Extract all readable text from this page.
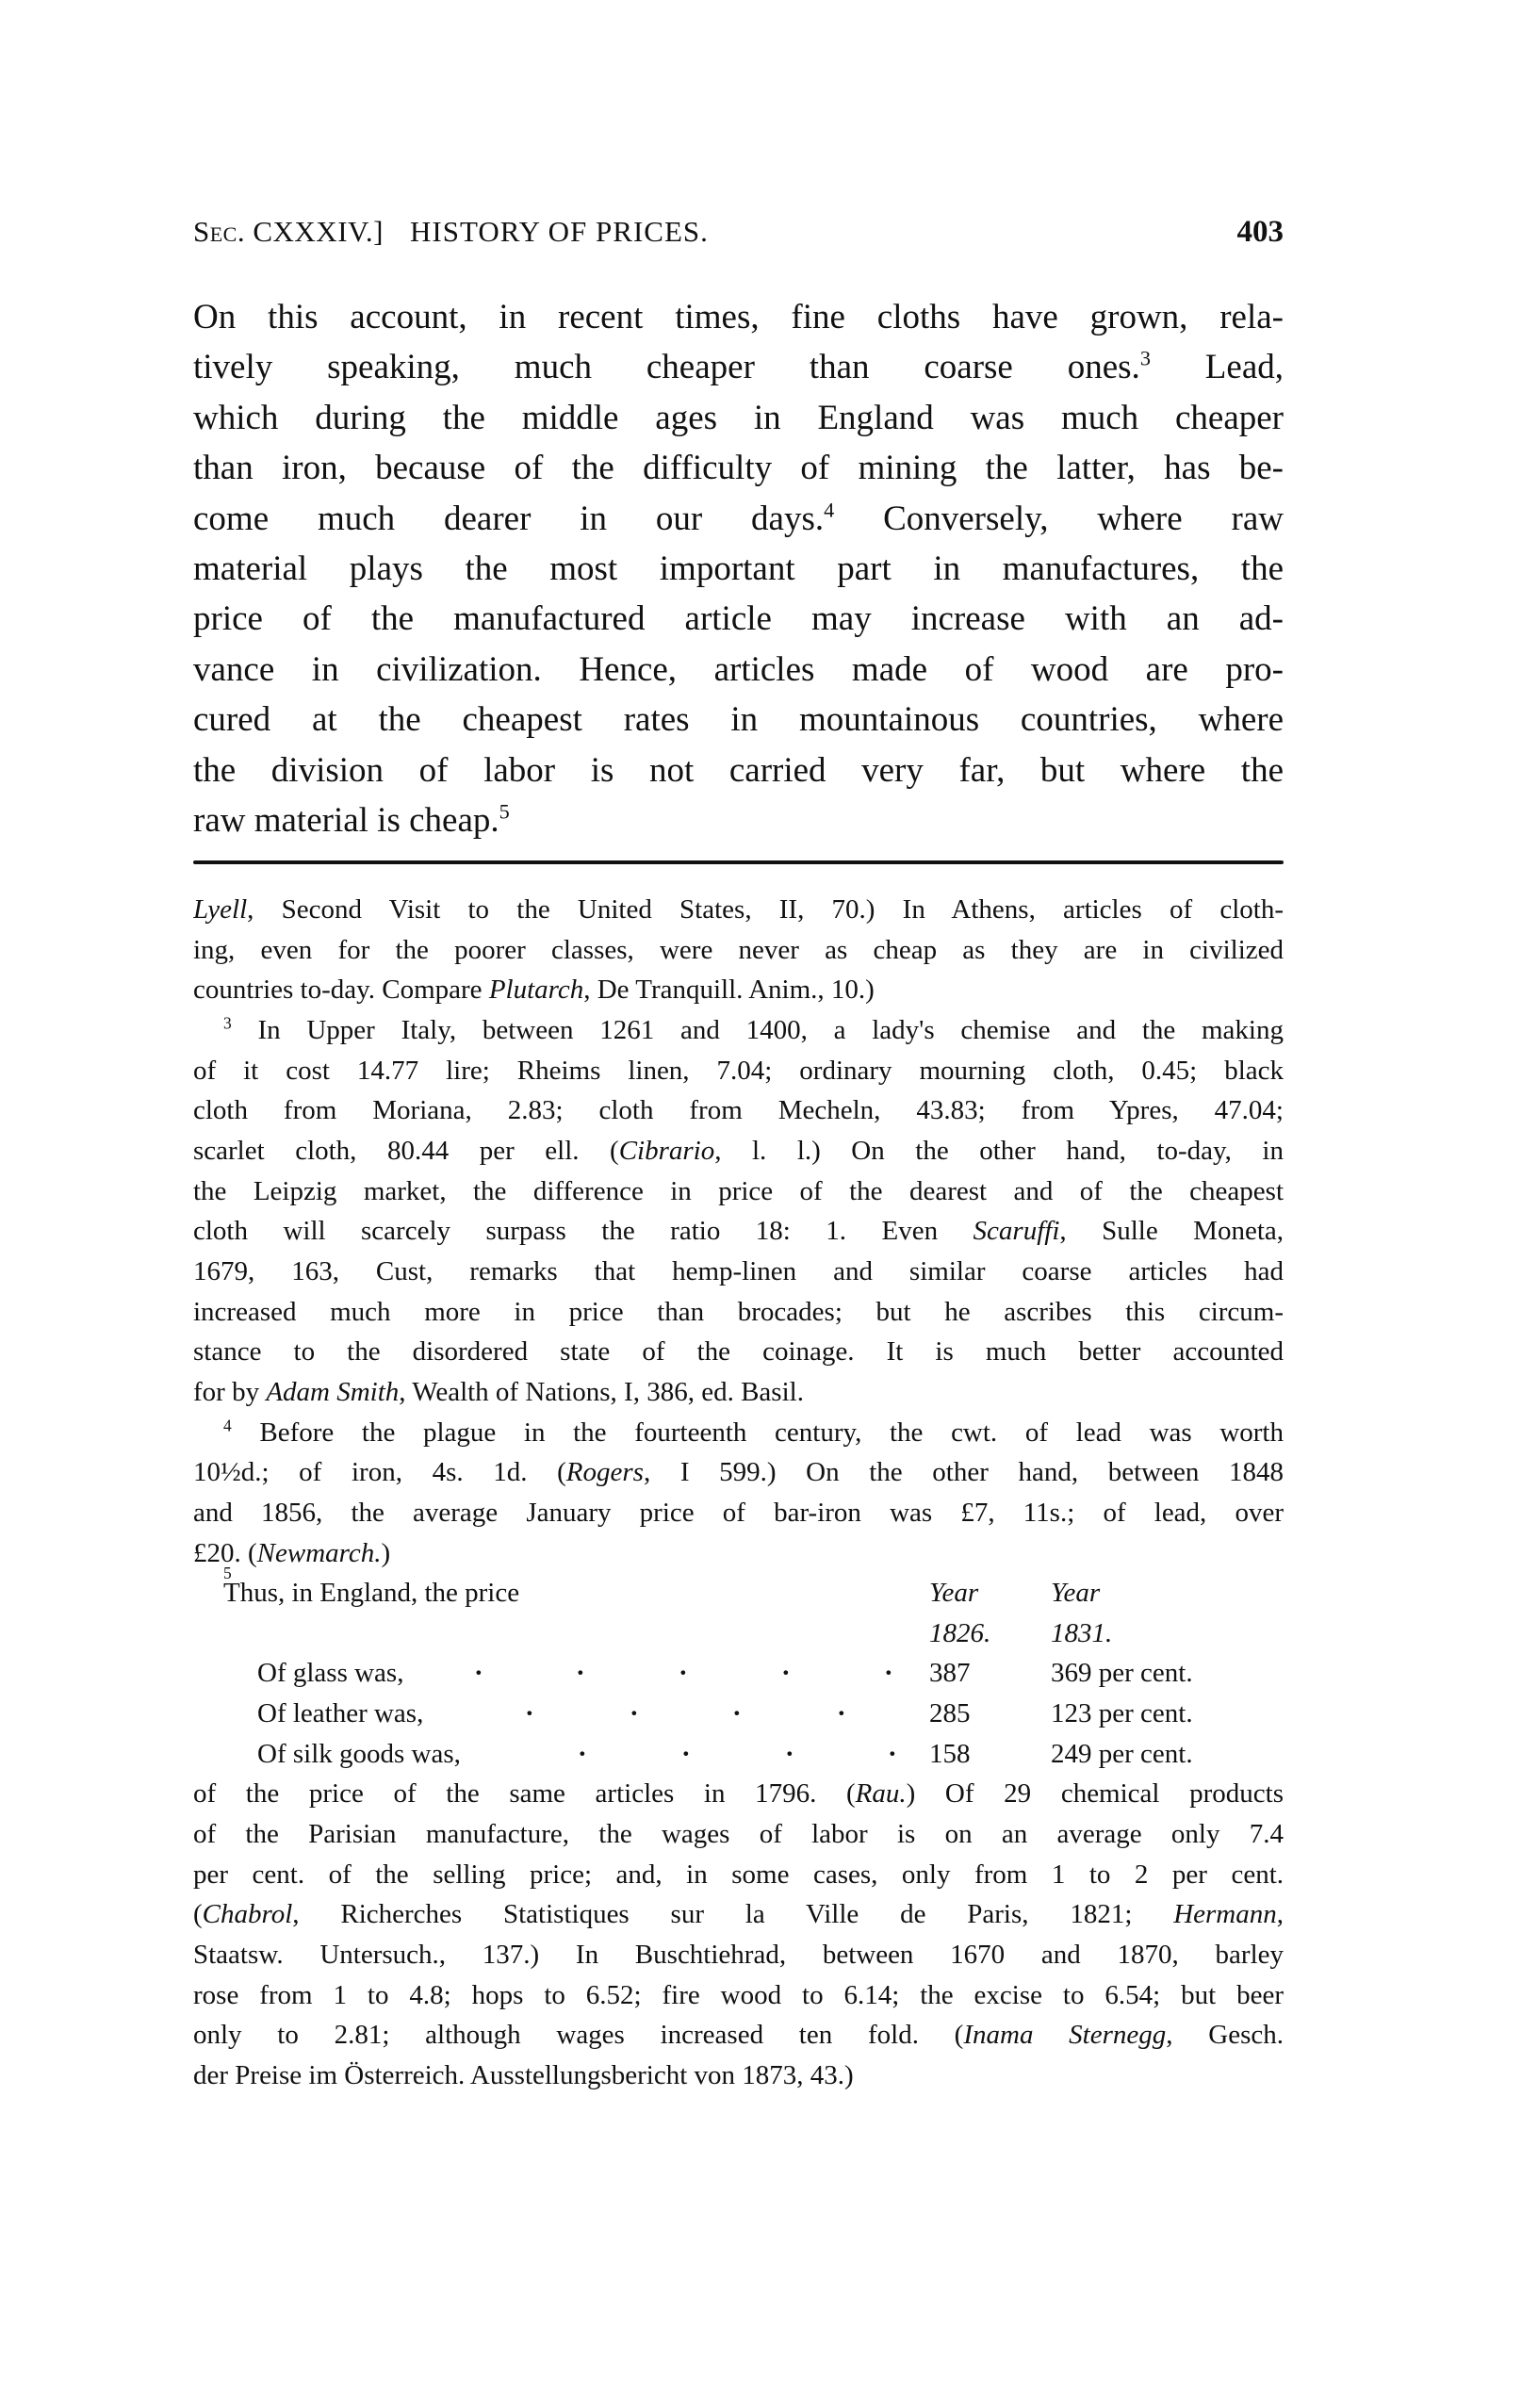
Sec. CXXXIV.] HISTORY OF PRICES.	403
On this account, in recent times, fine cloths have grown, rela-
tively speaking, much cheaper than coarse ones.$^3$ Lead,
which during the middle ages in England was much cheaper
than iron, because of the difficulty of mining the latter, has be-
come much dearer in our days.$^4$ Conversely, where raw
material plays the most important part in manufactures, the
price of the manufactured article may increase with an ad-
vance in civilization. Hence, articles made of wood are pro-
cured at the cheapest rates in mountainous countries, where
the division of labor is not carried very far, but where the
raw material is cheap.$^5$
Lyell, Second Visit to the United States, II, 70.) In Athens, articles of cloth-
ing, even for the poorer classes, were never as cheap as they are in civilized
countries to-day. Compare Plutarch, De Tranquill. Anim., 10.)
$^3$ In Upper Italy, between 1261 and 1400, a lady's chemise and the making
of it cost 14.77 lire; Rheims linen, 7.04; ordinary mourning cloth, 0.45; black
cloth from Moriana, 2.83; cloth from Mecheln, 43.83; from Ypres, 47.04;
scarlet cloth, 80.44 per ell. (Cibrario, l. l.) On the other hand, to-day, in
the Leipzig market, the difference in price of the dearest and of the cheapest
cloth will scarcely surpass the ratio 18: 1. Even Scaruffi, Sulle Moneta,
1679, 163, Cust, remarks that hemp-linen and similar coarse articles had
increased much more in price than brocades; but he ascribes this circum-
stance to the disordered state of the coinage. It is much better accounted
for by Adam Smith, Wealth of Nations, I, 386, ed. Basil.
$^4$ Before the plague in the fourteenth century, the cwt. of lead was worth
10½d.; of iron, 4s. 1d. (Rogers, I 599.) On the other hand, between 1848
and 1856, the average January price of bar-iron was £7, 11s.; of lead, over
£20. (Newmarch.)
5
Thus, in England, the price	Year	Year
1826. 1831.
Of glass was,	·	·	·	·	· 387	369 per cent.
Of leather was,	·	·	·	·	285	123 per cent.
Of silk goods was,	·	·	·	· 158	249 per cent.
of the price of the same articles in 1796. (Rau.) Of 29 chemical products
of the Parisian manufacture, the wages of labor is on an average only 7.4
per cent. of the selling price; and, in some cases, only from 1 to 2 per cent.
(Chabrol, Richerches Statistiques sur la Ville de Paris, 1821; Hermann,
Staatsw. Untersuch., 137.) In Buschtiehrad, between 1670 and 1870, barley
rose from 1 to 4.8; hops to 6.52; fire wood to 6.14; the excise to 6.54; but beer
only to 2.81; although wages increased ten fold. (Inama Sternegg, Gesch.
der Preise im Österreich. Ausstellungsbericht von 1873, 43.)
